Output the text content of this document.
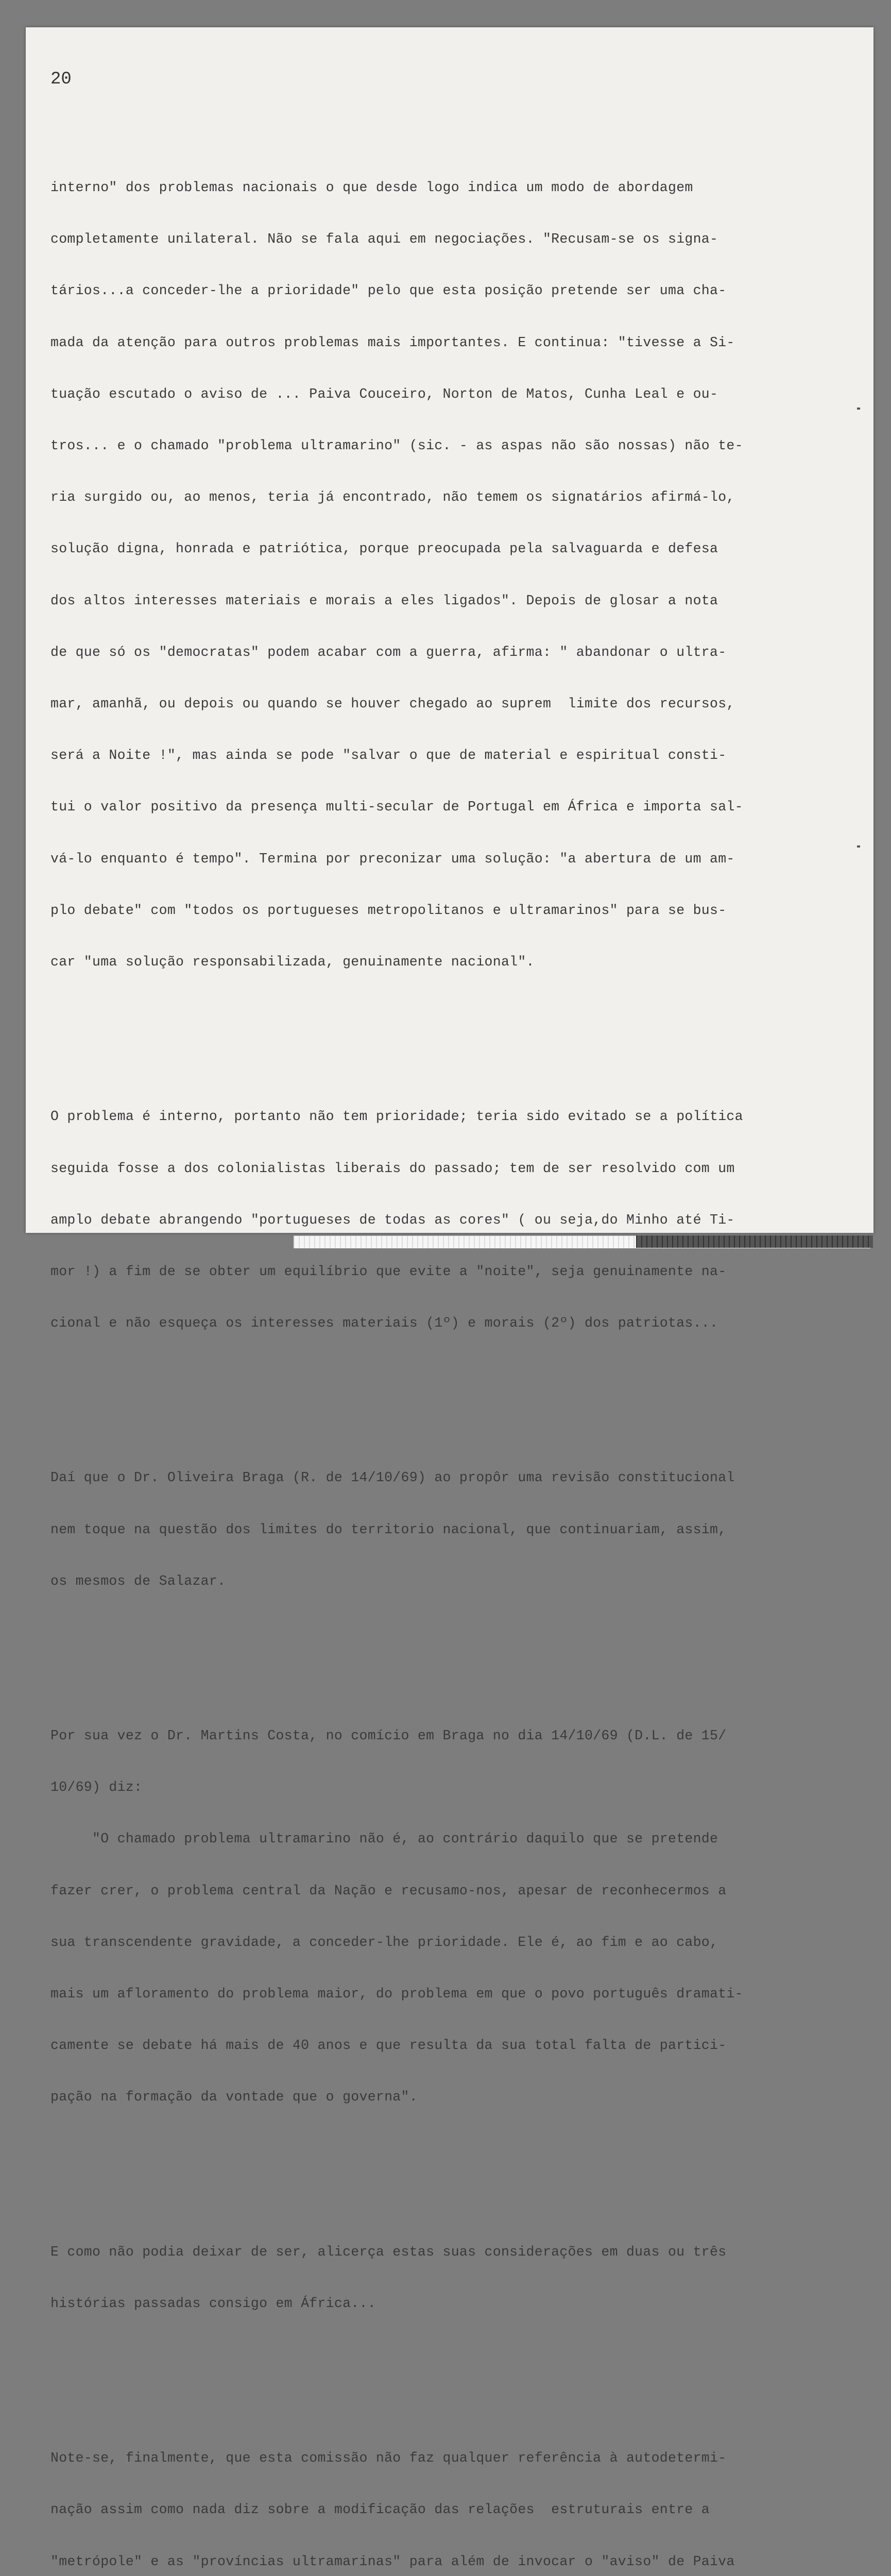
20

interno" dos problemas nacionais o que desde logo indica um modo de abordagem

completamente unilateral. Não se fala aqui em negociações. "Recusam-se os signa-

tários...a conceder-lhe a prioridade" pelo que esta posição pretende ser uma cha-

mada da atenção para outros problemas mais importantes. E continua: "tivesse a Si-

tuação escutado o aviso de ... Paiva Couceiro, Norton de Matos, Cunha Leal e ou-

tros... e o chamado "problema ultramarino" (sic. - as aspas não são nossas) não te-

ria surgido ou, ao menos, teria já encontrado, não temem os signatários afirmá-lo,

solução digna, honrada e patriótica, porque preocupada pela salvaguarda e defesa

dos altos interesses materiais e morais a eles ligados". Depois de glosar a nota

de que só os "democratas" podem acabar com a guerra, afirma: " abandonar o ultra-

mar, amanhã, ou depois ou quando se houver chegado ao suprem  limite dos recursos,

será a Noite !", mas ainda se pode "salvar o que de material e espiritual consti-

tui o valor positivo da presença multi-secular de Portugal em África e importa sal-

vá-lo enquanto é tempo". Termina por preconizar uma solução: "a abertura de um am-

plo debate" com "todos os portugueses metropolitanos e ultramarinos" para se bus-

car "uma solução responsabilizada, genuinamente nacional".

O problema é interno, portanto não tem prioridade; teria sido evitado se a política

seguida fosse a dos colonialistas liberais do passado; tem de ser resolvido com um

amplo debate abrangendo "portugueses de todas as cores" ( ou seja,do Minho até Ti-

mor !) a fim de se obter um equilíbrio que evite a "noite", seja genuinamente na-

cional e não esqueça os interesses materiais (1º) e morais (2º) dos patriotas...

Daí que o Dr. Oliveira Braga (R. de 14/10/69) ao propôr uma revisão constitucional

nem toque na questão dos limites do territorio nacional, que continuariam, assim,

os mesmos de Salazar.

Por sua vez o Dr. Martins Costa, no comício em Braga no dia 14/10/69 (D.L. de 15/

10/69) diz:

"O chamado problema ultramarino não é, ao contrário daquilo que se pretende

fazer crer, o problema central da Nação e recusamo-nos, apesar de reconhecermos a

sua transcendente gravidade, a conceder-lhe prioridade. Ele é, ao fim e ao cabo,

mais um afloramento do problema maior, do problema em que o povo português dramati-

camente se debate há mais de 40 anos e que resulta da sua total falta de partici-

pação na formação da vontade que o governa".

E como não podia deixar de ser, alicerça estas suas considerações em duas ou três

histórias passadas consigo em África...

Note-se, finalmente, que esta comissão não faz qualquer referência à autodetermi-

nação assim como nada diz sobre a modificação das relações  estruturais entre a

"metrópole" e as "províncias ultramarinas" para além de invocar o "aviso" de Paiva
